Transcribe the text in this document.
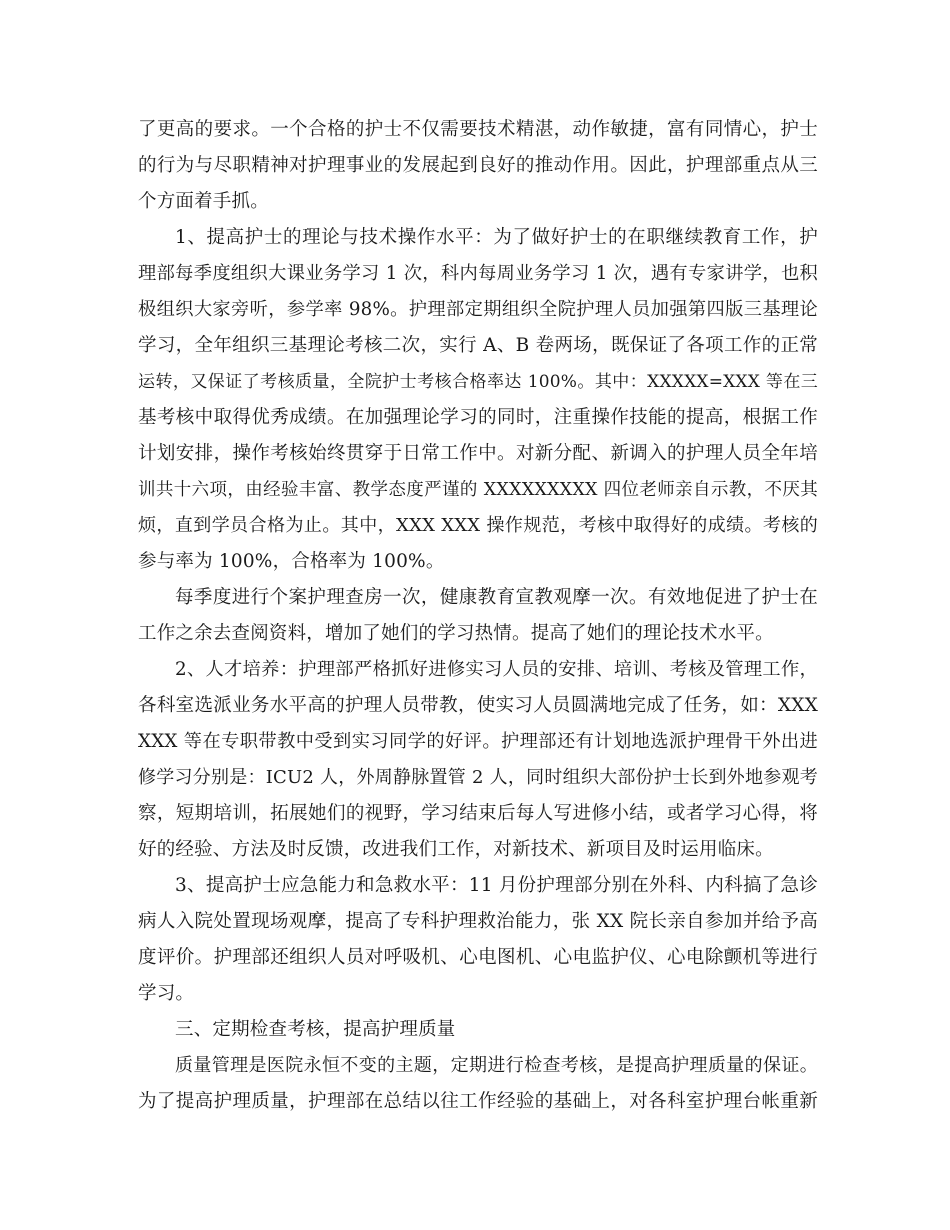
了更高的要求。一个合格的护士不仅需要技术精湛，动作敏捷，富有同情心，护士
的行为与尽职精神对护理事业的发展起到良好的推动作用。因此，护理部重点从三
个方面着手抓。
1、提高护士的理论与技术操作水平：为了做好护士的在职继续教育工作，护
理部每季度组织大课业务学习 1 次，科内每周业务学习 1 次，遇有专家讲学，也积
极组织大家旁听，参学率 98%。护理部定期组织全院护理人员加强第四版三基理论
学习，全年组织三基理论考核二次，实行 A、B 卷两场，既保证了各项工作的正常
运转，又保证了考核质量，全院护士考核合格率达 100%。其中：XXXXX=XXX 等在三
基考核中取得优秀成绩。在加强理论学习的同时，注重操作技能的提高，根据工作
计划安排，操作考核始终贯穿于日常工作中。对新分配、新调入的护理人员全年培
训共十六项，由经验丰富、教学态度严谨的 XXXXXXXXX 四位老师亲自示教，不厌其
烦，直到学员合格为止。其中，XXX XXX 操作规范，考核中取得好的成绩。考核的
参与率为 100%，合格率为 100%。
每季度进行个案护理查房一次，健康教育宣教观摩一次。有效地促进了护士在
工作之余去查阅资料，增加了她们的学习热情。提高了她们的理论技术水平。
2、人才培养：护理部严格抓好进修实习人员的安排、培训、考核及管理工作，
各科室选派业务水平高的护理人员带教，使实习人员圆满地完成了任务，如：XXX
XXX 等在专职带教中受到实习同学的好评。护理部还有计划地选派护理骨干外出进
修学习分别是：ICU2 人，外周静脉置管 2 人，同时组织大部份护士长到外地参观考
察，短期培训，拓展她们的视野，学习结束后每人写进修小结，或者学习心得，将
好的经验、方法及时反馈，改进我们工作，对新技术、新项目及时运用临床。
3、提高护士应急能力和急救水平：11 月份护理部分别在外科、内科搞了急诊
病人入院处置现场观摩，提高了专科护理救治能力，张 XX 院长亲自参加并给予高
度评价。护理部还组织人员对呼吸机、心电图机、心电监护仪、心电除颤机等进行
学习。
三、定期检查考核，提高护理质量
质量管理是医院永恒不变的主题，定期进行检查考核，是提高护理质量的保证。
为了提高护理质量，护理部在总结以往工作经验的基础上，对各科室护理台帐重新
